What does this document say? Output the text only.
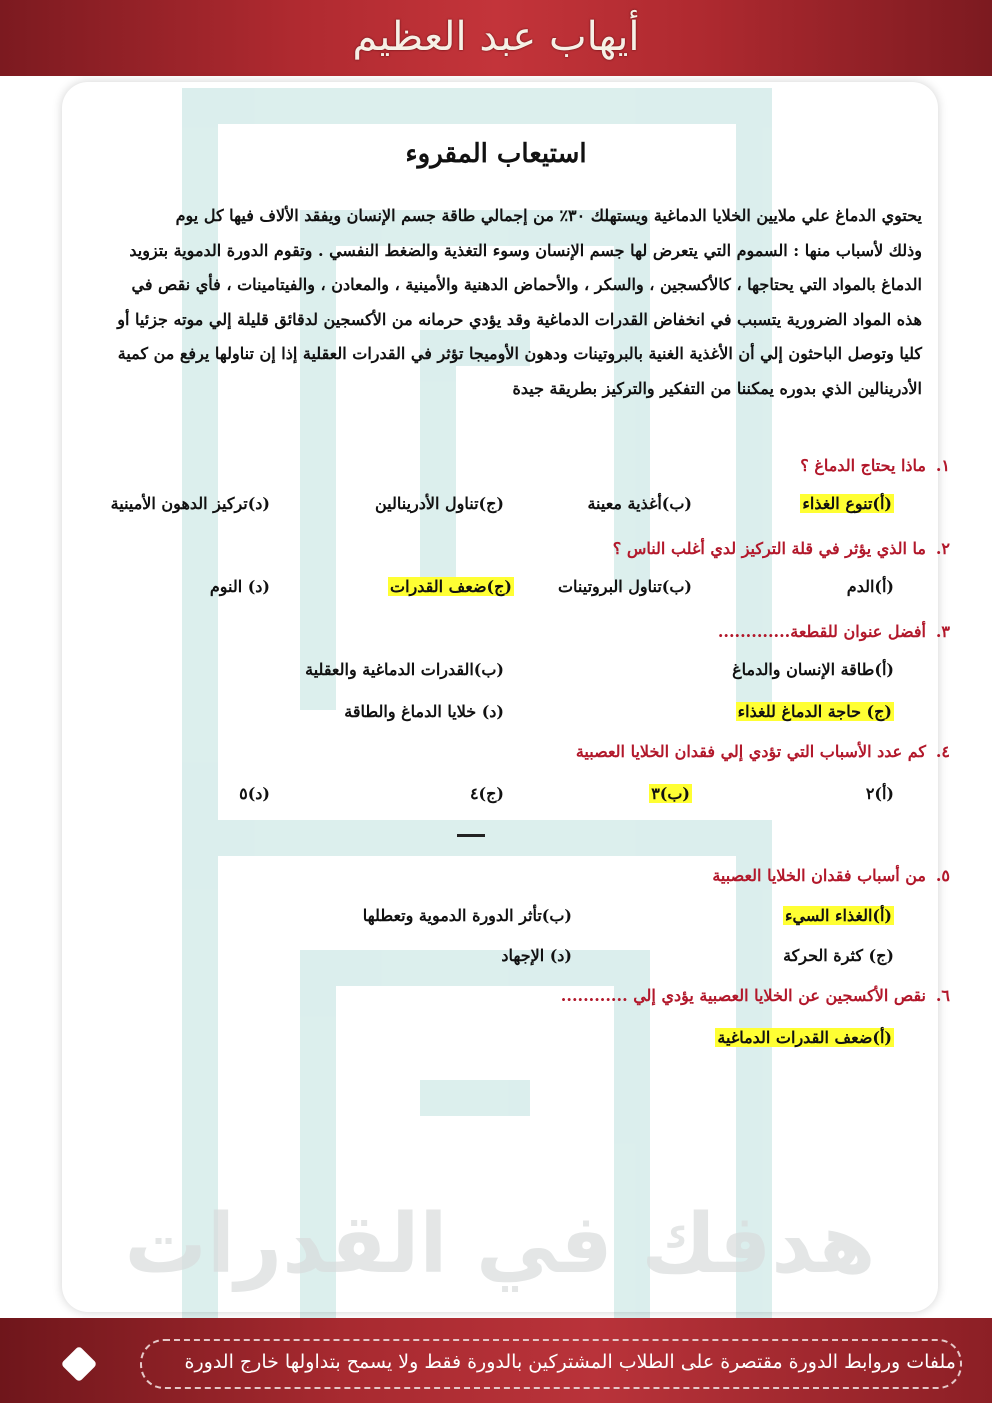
هدفك في القدرات
أيهاب عبد العظيم
استيعاب المقروء
يحتوي الدماغ علي ملايين الخلايا الدماغية ويستهلك ٣٠٪ من إجمالي طاقة جسم الإنسان ويفقد الألاف فيها كل يوم
وذلك لأسباب منها : السموم التي يتعرض لها جسم الإنسان وسوء التغذية والضغط النفسي . وتقوم الدورة الدموية بتزويد
الدماغ بالمواد التي يحتاجها ، كالأكسجين ، والسكر ، والأحماض الدهنية والأمينية ، والمعادن ، والفيتامينات ، فأي نقص في
هذه المواد الضرورية يتسبب في انخفاض القدرات الدماغية وقد يؤدي حرمانه من الأكسجين لدقائق قليلة إلي موته جزئيا أو
كليا وتوصل الباحثون إلي أن الأغذية الغنية بالبروتينات ودهون الأوميجا تؤثر في القدرات العقلية إذا إن تناولها يرفع من كمية
الأدرينالين الذي بدوره يمكننا من التفكير والتركيز بطريقة جيدة
١.ماذا يحتاج الدماغ ؟
(أ)تنوع الغذاء
(ب)أغذية معينة
(ج)تناول الأدرينالين
(د)تركيز الدهون الأمينية
٢.ما الذي يؤثر في قلة التركيز لدي أغلب الناس ؟
(أ)الدم
(ب)تناول البروتينات
(ج)ضعف القدرات
(د) النوم
٣.أفضل عنوان للقطعة.............
(أ)طاقة الإنسان والدماغ
(ب)القدرات الدماغية والعقلية
(ج) حاجة الدماغ للغذاء
(د) خلايا الدماغ والطاقة
٤.كم عدد الأسباب التي تؤدي إلي فقدان الخلايا العصبية
(أ)٢
(ب)٣
(ج)٤
(د)٥
٥.من أسباب فقدان الخلايا العصبية
(أ)الغذاء السيء
(ب)تأثر الدورة الدموية وتعطلها
(ج) كثرة الحركة
(د) الإجهاد
٦.نقص الأكسجين عن الخلايا العصبية يؤدي إلي ............
(أ)ضعف القدرات الدماغية
ملفات وروابط الدورة مقتصرة على الطلاب المشتركين بالدورة فقط ولا يسمح بتداولها خارج الدورة
